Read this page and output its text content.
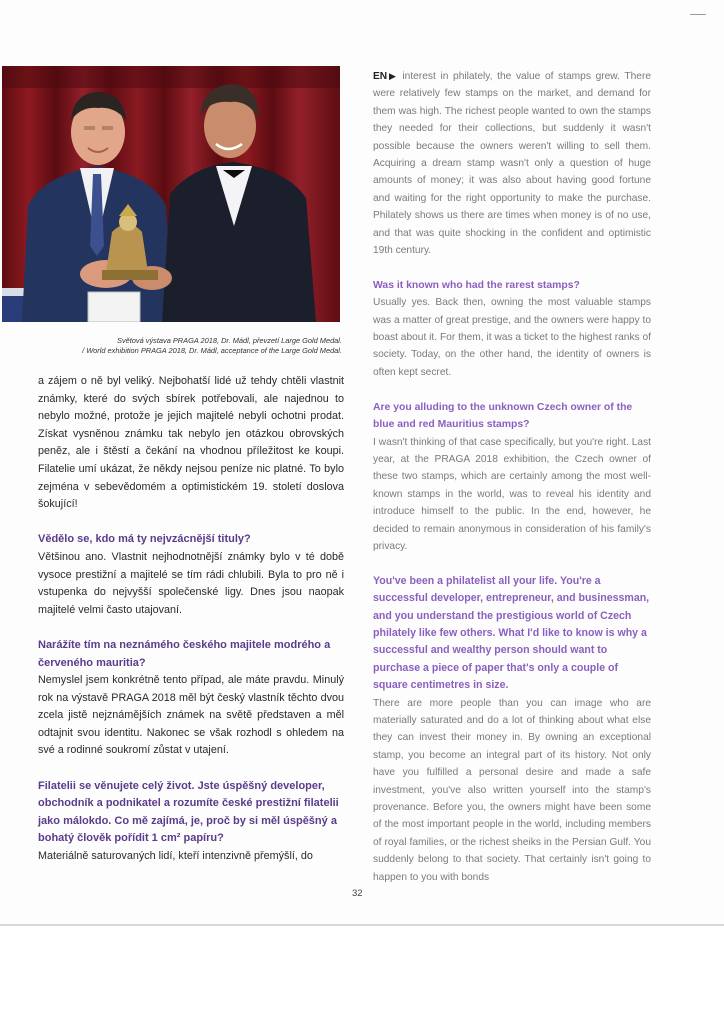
Světová výstava PRAGA 2018, Dr. Mádl, převzetí Large Gold Medal.
/ World exhibition PRAGA 2018, Dr. Mádl, acceptance of the Large Gold Medal.

a zájem o ně byl veliký. Nejbohatší lidé už tehdy chtěli vlastnit známky, které do svých sbírek potřebovali, ale najednou to nebylo možné, protože je jejich majitelé nebyli ochotni prodat. Získat vysněnou známku tak nebylo jen otázkou obrovských peněz, ale i štěstí a čekání na vhodnou příležitost ke koupi. Filatelie umí ukázat, že někdy nejsou peníze nic platné. To bylo zejména v sebevědomém a optimistickém 19. století doslova šokující!

Vědělo se, kdo má ty nejvzácnější tituly?

Většinou ano. Vlastnit nejhodnotnější známky bylo v té době vysoce prestižní a majitelé se tím rádi chlubili. Byla to pro ně i vstupenka do nejvyšší společenské ligy. Dnes jsou naopak majitelé velmi často utajovaní.

Narážíte tím na neznámého českého majitele modrého a červeného mauritia?

Nemyslel jsem konkrétně tento případ, ale máte pravdu. Minulý rok na výstavě PRAGA 2018 měl být český vlastník těchto dvou zcela jistě nejznámějších známek na světě představen a měl odtajnit svou identitu. Nakonec se však rozhodl s ohledem na své a rodinné soukromí zůstat v utajení.

Filatelii se věnujete celý život. Jste úspěšný developer, obchodník a podnikatel a rozumíte české prestižní filatelii jako málokdo. Co mě zajímá, je, proč by si měl úspěšný a bohatý člověk pořídit 1 cm² papíru?

Materiálně saturovaných lidí, kteří intenzivně přemýšlí, do

EN▶ interest in philately, the value of stamps grew. There were relatively few stamps on the market, and demand for them was high. The richest people wanted to own the stamps they needed for their collections, but suddenly it wasn't possible because the owners weren't willing to sell them. Acquiring a dream stamp wasn't only a question of huge amounts of money; it was also about having good fortune and waiting for the right opportunity to make the purchase. Philately shows us there are times when money is of no use, and that was quite shocking in the confident and optimistic 19th century.

Was it known who had the rarest stamps?

Usually yes. Back then, owning the most valuable stamps was a matter of great prestige, and the owners were happy to boast about it. For them, it was a ticket to the highest ranks of society. Today, on the other hand, the identity of owners is often kept secret.

Are you alluding to the unknown Czech owner of the blue and red Mauritius stamps?

I wasn't thinking of that case specifically, but you're right. Last year, at the PRAGA 2018 exhibition, the Czech owner of these two stamps, which are certainly among the most well-known stamps in the world, was to reveal his identity and introduce himself to the public. In the end, however, he decided to remain anonymous in consideration of his family's privacy.

You've been a philatelist all your life. You're a successful developer, entrepreneur, and businessman, and you understand the prestigious world of Czech philately like few others. What I'd like to know is why a successful and wealthy person should want to purchase a piece of paper that's only a couple of square centimetres in size.

There are more people than you can image who are materially saturated and do a lot of thinking about what else they can invest their money in. By owning an exceptional stamp, you become an integral part of its history. Not only have you fulfilled a personal desire and made a safe investment, you've also written yourself into the stamp's provenance. Before you, the owners might have been some of the most important people in the world, including members of royal families, or the richest sheiks in the Persian Gulf. You suddenly belong to that society. That certainly isn't going to happen to you with bonds

32
